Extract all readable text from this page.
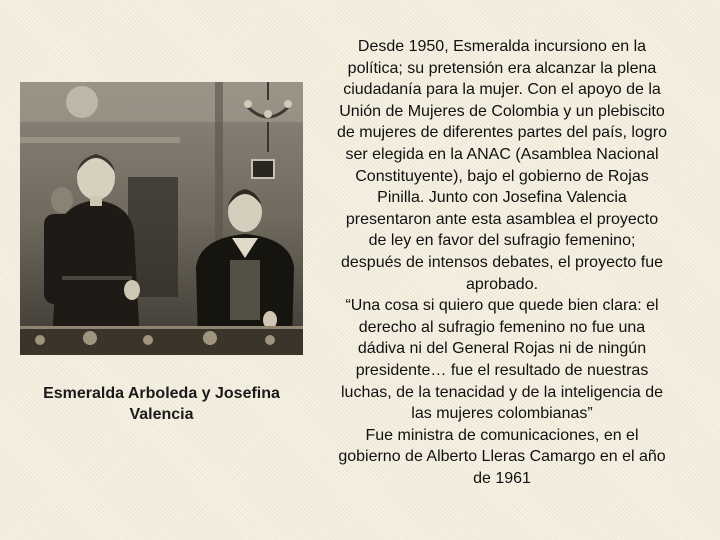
Esmeralda Arboleda y Josefina
Valencia

Desde 1950, Esmeralda incursiono en la política; su pretensión era alcanzar la plena ciudadanía para la mujer. Con el apoyo de la Unión de Mujeres de Colombia y un plebiscito de mujeres de diferentes partes del país, logro ser elegida en la ANAC (Asamblea Nacional Constituyente), bajo el gobierno de Rojas Pinilla. Junto con Josefina Valencia presentaron ante esta asamblea el proyecto de ley en favor del sufragio femenino; después de intensos debates, el proyecto fue aprobado.

“Una cosa si quiero que quede bien clara: el derecho al sufragio femenino no fue una dádiva ni del General Rojas ni de ningún presidente… fue el resultado de nuestras luchas, de la tenacidad y de la inteligencia de las mujeres colombianas”

Fue ministra de comunicaciones, en el gobierno de Alberto Lleras Camargo en el año de 1961
